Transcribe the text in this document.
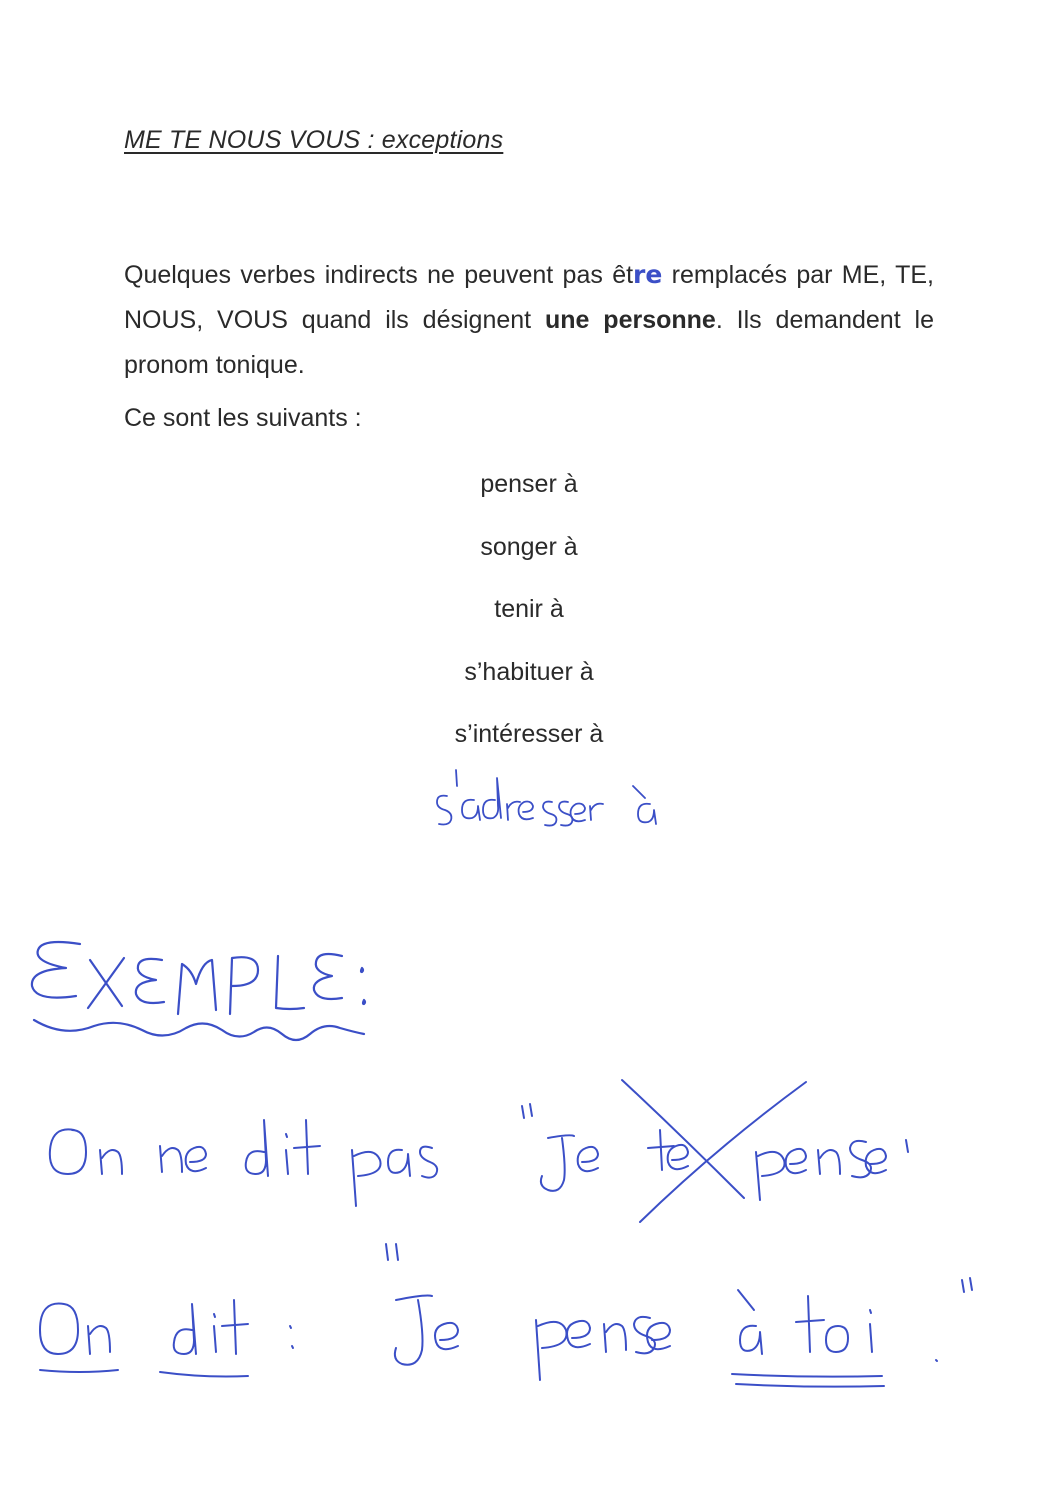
ME TE NOUS VOUS : exceptions
Quelques verbes indirects ne peuvent pas être remplacés par ME, TE, NOUS, VOUS quand ils désignent une personne. Ils demandent le pronom tonique.
Ce sont les suivants :
penser à
songer à
tenir à
s’habituer à
s’intéresser à
